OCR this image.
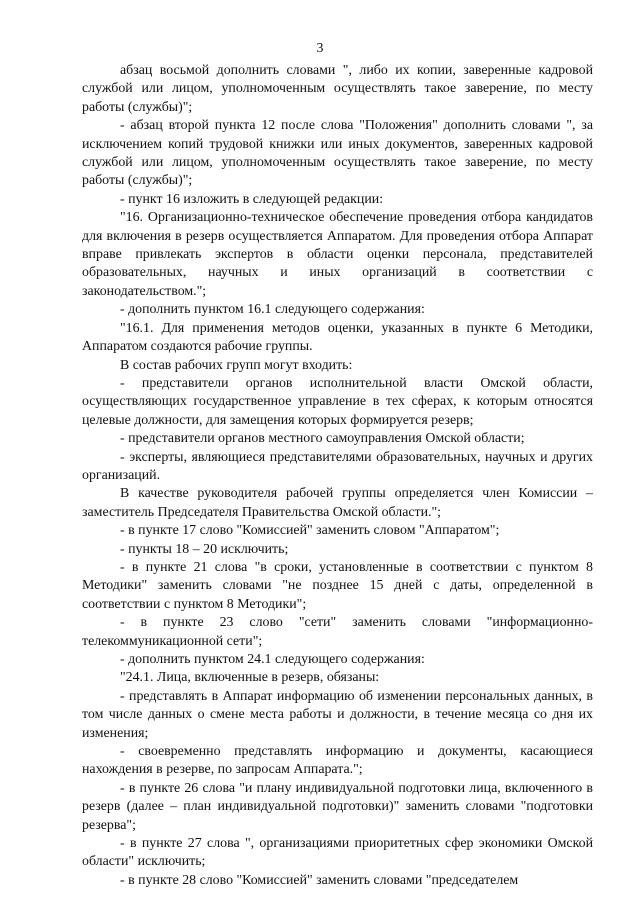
3

абзац восьмой дополнить словами ", либо их копии, заверенные кадровой службой или лицом, уполномоченным осуществлять такое заверение, по месту работы (службы)";

- абзац второй пункта 12 после слова "Положения" дополнить словами ", за исключением копий трудовой книжки или иных документов, заверенных кадровой службой или лицом, уполномоченным осуществлять такое заверение, по месту работы (службы)";

- пункт 16 изложить в следующей редакции:

"16. Организационно-техническое обеспечение проведения отбора кандидатов для включения в резерв осуществляется Аппаратом. Для проведения отбора Аппарат вправе привлекать экспертов в области оценки персонала, представителей образовательных, научных и иных организаций в соответствии с законодательством.";

- дополнить пунктом 16.1 следующего содержания:

"16.1. Для применения методов оценки, указанных в пункте 6 Методики, Аппаратом создаются рабочие группы.

В состав рабочих групп могут входить:

- представители органов исполнительной власти Омской области, осуществляющих государственное управление в тех сферах, к которым относятся целевые должности, для замещения которых формируется резерв;

- представители органов местного самоуправления Омской области;

- эксперты, являющиеся представителями образовательных, научных и других организаций.

В качестве руководителя рабочей группы определяется член Комиссии – заместитель Председателя Правительства Омской области.";

- в пункте 17 слово "Комиссией" заменить словом "Аппаратом";

- пункты 18 – 20 исключить;

- в пункте 21 слова "в сроки, установленные в соответствии с пунктом 8 Методики" заменить словами "не позднее 15 дней с даты, определенной в соответствии с пунктом 8 Методики";

- в пункте 23 слово "сети" заменить словами "информационно-телекоммуникационной сети";

- дополнить пунктом 24.1 следующего содержания:

"24.1. Лица, включенные в резерв, обязаны:

- представлять в Аппарат информацию об изменении персональных данных, в том числе данных о смене места работы и должности, в течение месяца со дня их изменения;

- своевременно представлять информацию и документы, касающиеся нахождения в резерве, по запросам Аппарата.";

- в пункте 26 слова "и плану индивидуальной подготовки лица, включенного в резерв (далее – план индивидуальной подготовки)" заменить словами "подготовки резерва";

- в пункте 27 слова ", организациями приоритетных сфер экономики Омской области" исключить;

- в пункте 28 слово "Комиссией" заменить словами "председателем
